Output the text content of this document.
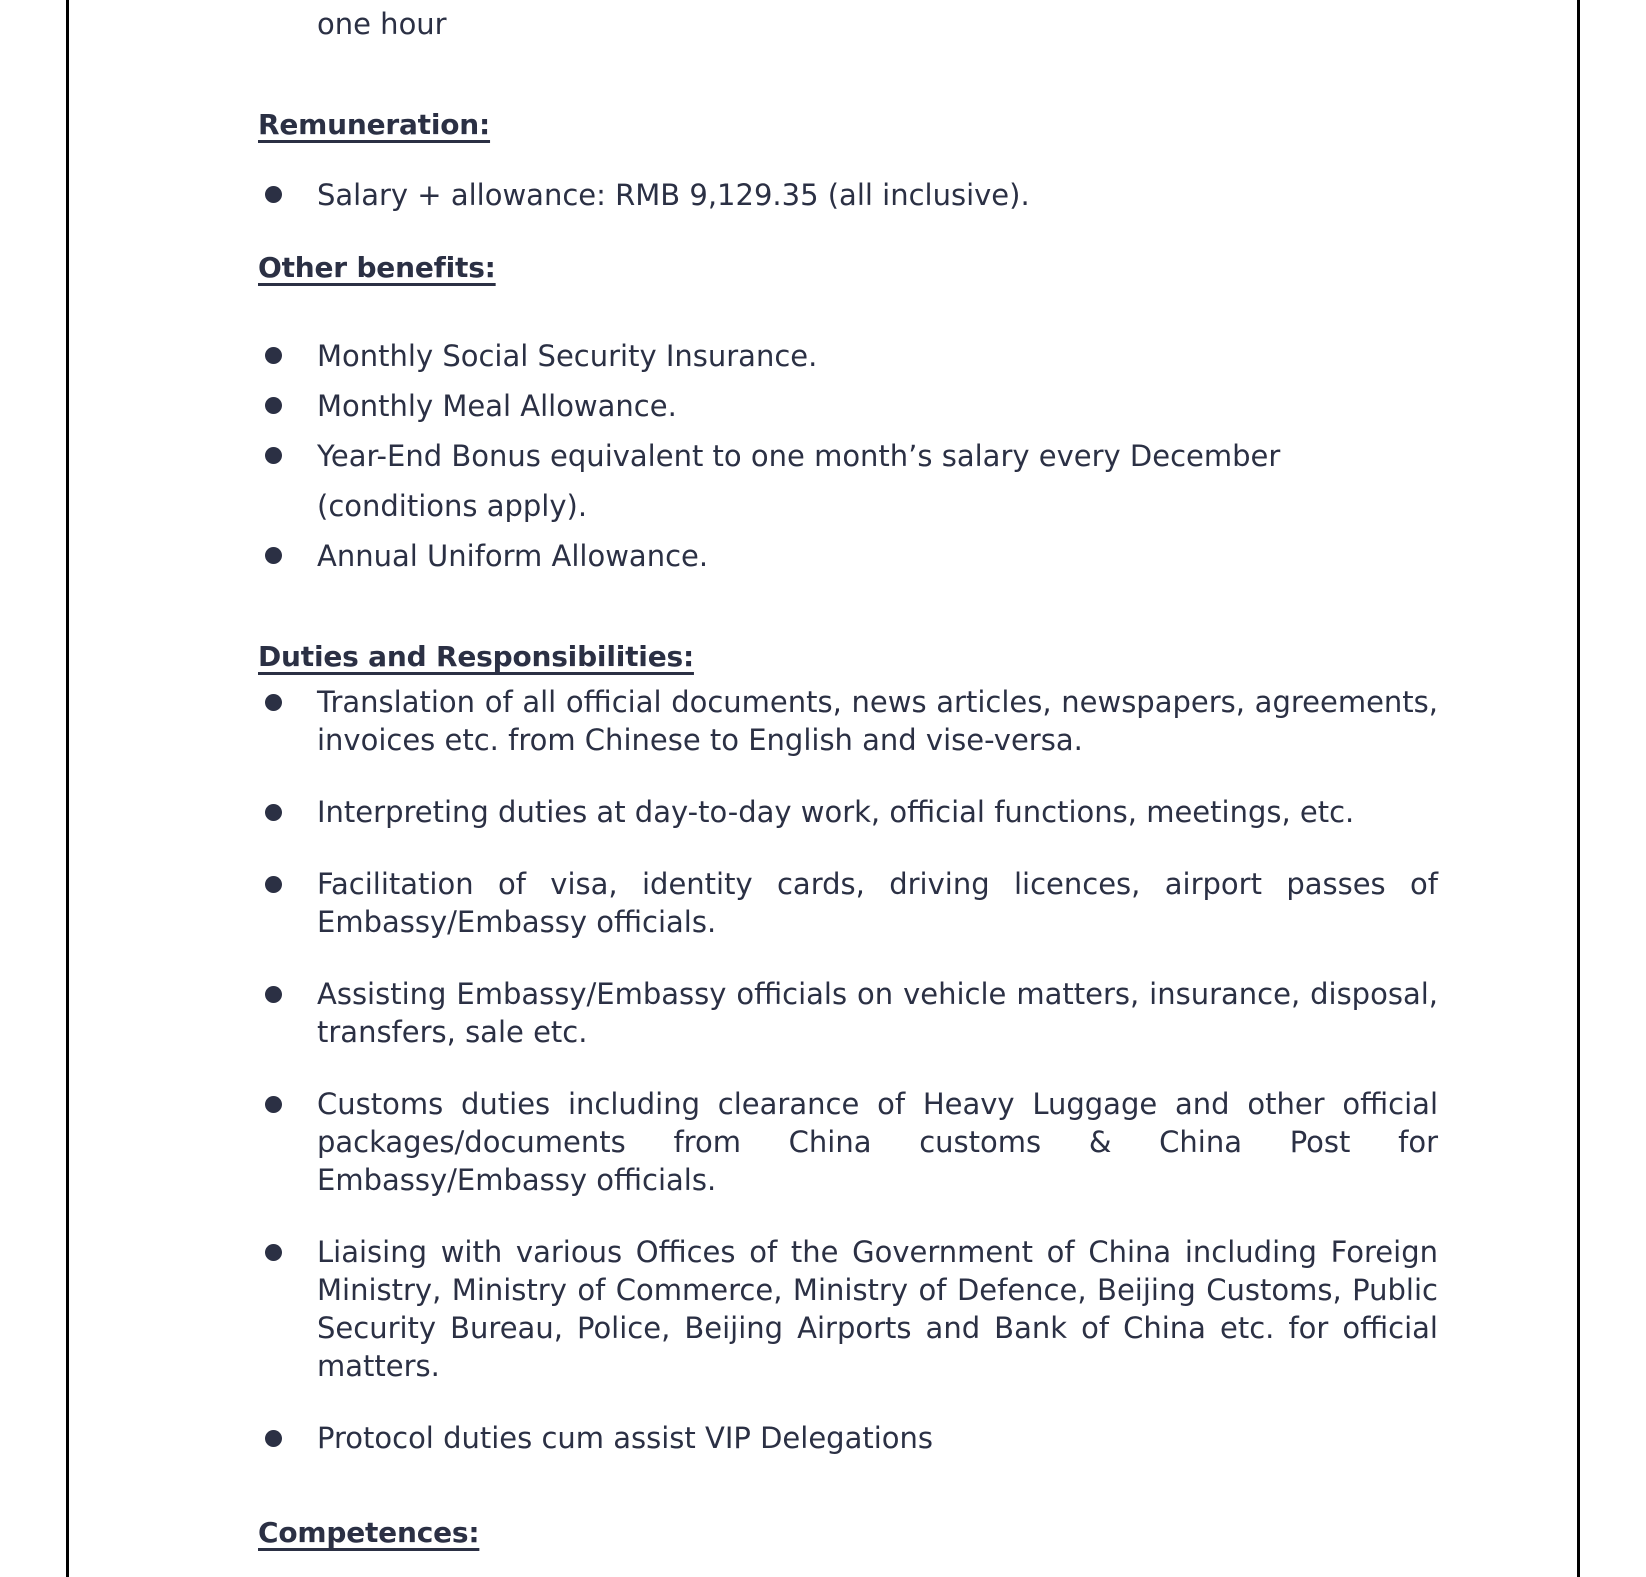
one hour

Remuneration:
Salary + allowance: RMB 9,129.35 (all inclusive).
Other benefits:
Monthly Social Security Insurance.
Monthly Meal Allowance.
Year-End Bonus equivalent to one month’s salary every December (conditions apply).
Annual Uniform Allowance.
Duties and Responsibilities:
Translation of all official documents, news articles, newspapers, agreements, invoices etc. from Chinese to English and vise-versa.
Interpreting duties at day-to-day work, official functions, meetings, etc.
Facilitation of visa, identity cards, driving licences, airport passes of Embassy/Embassy officials.
Assisting Embassy/Embassy officials on vehicle matters, insurance, disposal, transfers, sale etc.
Customs duties including clearance of Heavy Luggage and other official packages/documents from China customs & China Post for Embassy/Embassy officials.
Liaising with various Offices of the Government of China including Foreign Ministry, Ministry of Commerce, Ministry of Defence, Beijing Customs, Public Security Bureau, Police, Beijing Airports and Bank of China etc. for official matters.
Protocol duties cum assist VIP Delegations
Competences:
